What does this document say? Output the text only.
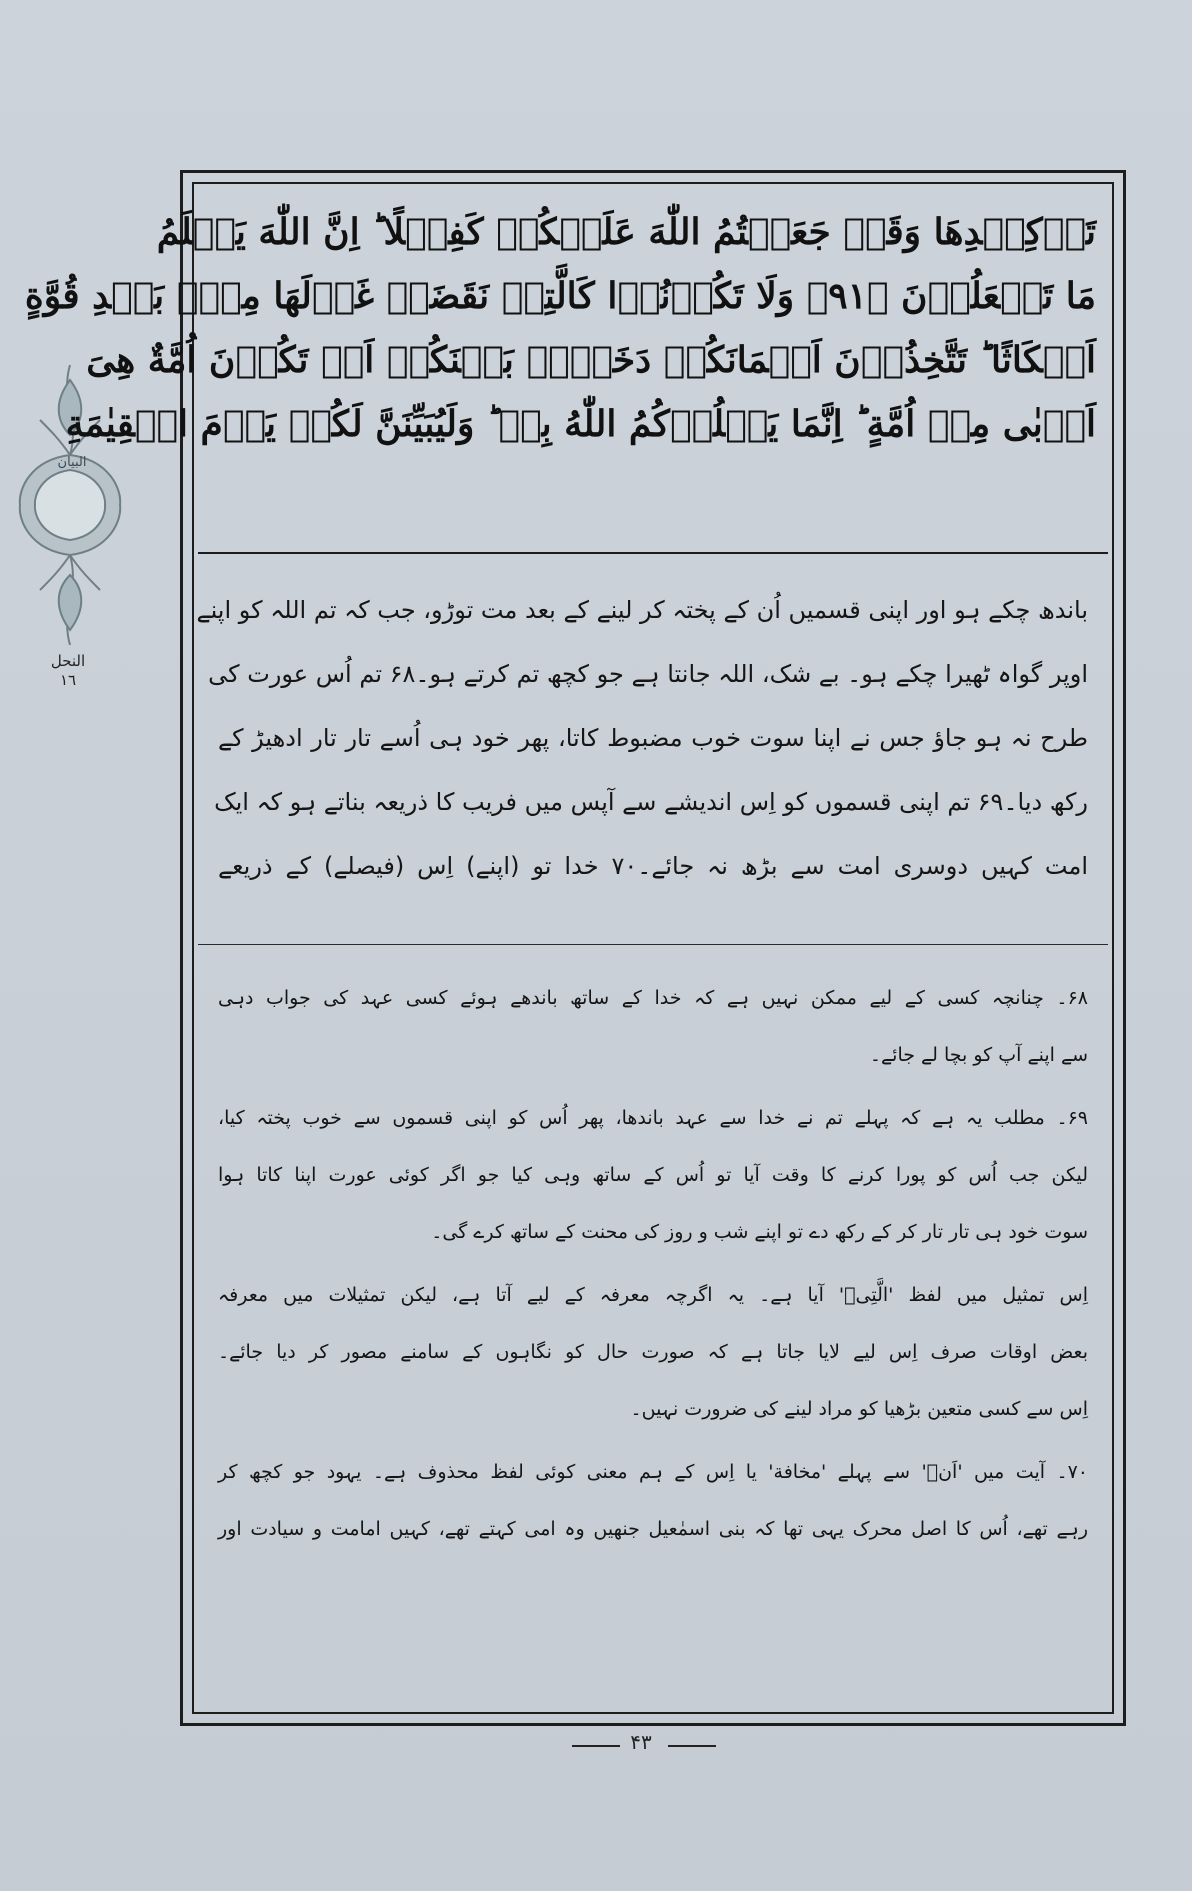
البيان
النحل
١٦
تَوۡكِيۡدِهَا وَقَدۡ جَعَلۡتُمُ اللّٰهَ عَلَيۡكُمۡ كَفِيۡلًا ؕ اِنَّ اللّٰهَ يَعۡلَمُ
مَا تَفۡعَلُوۡنَ ﴿۹۱﴾ وَلَا تَكُوۡنُوۡا كَالَّتِىۡ نَقَضَتۡ غَزۡلَهَا مِنۡۢ بَعۡدِ قُوَّةٍ
اَنۡكَاثًا ؕ تَتَّخِذُوۡنَ اَيۡمَانَكُمۡ دَخَلًاۢ بَيۡنَكُمۡ اَنۡ تَكُوۡنَ اُمَّةٌ هِىَ
اَرۡبٰى مِنۡ اُمَّةٍ ؕ اِنَّمَا يَبۡلُوۡكُمُ اللّٰهُ بِهٖ ؕ وَلَيُبَيِّنَنَّ لَكُمۡ يَوۡمَ الۡقِيٰمَةِ
باندھ چکے ہو اور اپنی قسمیں اُن کے پختہ کر لینے کے بعد مت توڑو، جب کہ تم اللہ کو اپنے
اوپر گواہ ٹھیرا چکے ہو۔ بے شک، اللہ جانتا ہے جو کچھ تم کرتے ہو۔۶۸ تم اُس عورت کی
طرح نہ ہو جاؤ جس نے اپنا سوت خوب مضبوط کاتا، پھر خود ہی اُسے تار تار ادھیڑ کے
رکھ دیا۔۶۹ تم اپنی قسموں کو اِس اندیشے سے آپس میں فریب کا ذریعہ بناتے ہو کہ ایک
امت کہیں دوسری امت سے بڑھ نہ جائے۔۷۰ خدا تو (اپنے) اِس (فیصلے) کے ذریعے
۶۸۔ چنانچہ کسی کے لیے ممکن نہیں ہے کہ خدا کے ساتھ باندھے ہوئے کسی عہد کی جواب دہی
سے اپنے آپ کو بچا لے جائے۔
۶۹۔ مطلب یہ ہے کہ پہلے تم نے خدا سے عہد باندھا، پھر اُس کو اپنی قسموں سے خوب پختہ کیا،
لیکن جب اُس کو پورا کرنے کا وقت آیا تو اُس کے ساتھ وہی کیا جو اگر کوئی عورت اپنا کاتا ہوا
سوت خود ہی تار تار کر کے رکھ دے تو اپنے شب و روز کی محنت کے ساتھ کرے گی۔
اِس تمثیل میں لفظ 'الَّتِىۡ' آیا ہے۔ یہ اگرچہ معرفہ کے لیے آتا ہے، لیکن تمثیلات میں معرفہ
بعض اوقات صرف اِس لیے لایا جاتا ہے کہ صورت حال کو نگاہوں کے سامنے مصور کر دیا جائے۔
اِس سے کسی متعین بڑھیا کو مراد لینے کی ضرورت نہیں۔
۷۰۔ آیت میں 'اَنۡ' سے پہلے 'مخافة' یا اِس کے ہم معنی کوئی لفظ محذوف ہے۔ یہود جو کچھ کر
رہے تھے، اُس کا اصل محرک یہی تھا کہ بنی اسمٰعیل جنھیں وہ امی کہتے تھے، کہیں امامت و سیادت اور
۴۳
